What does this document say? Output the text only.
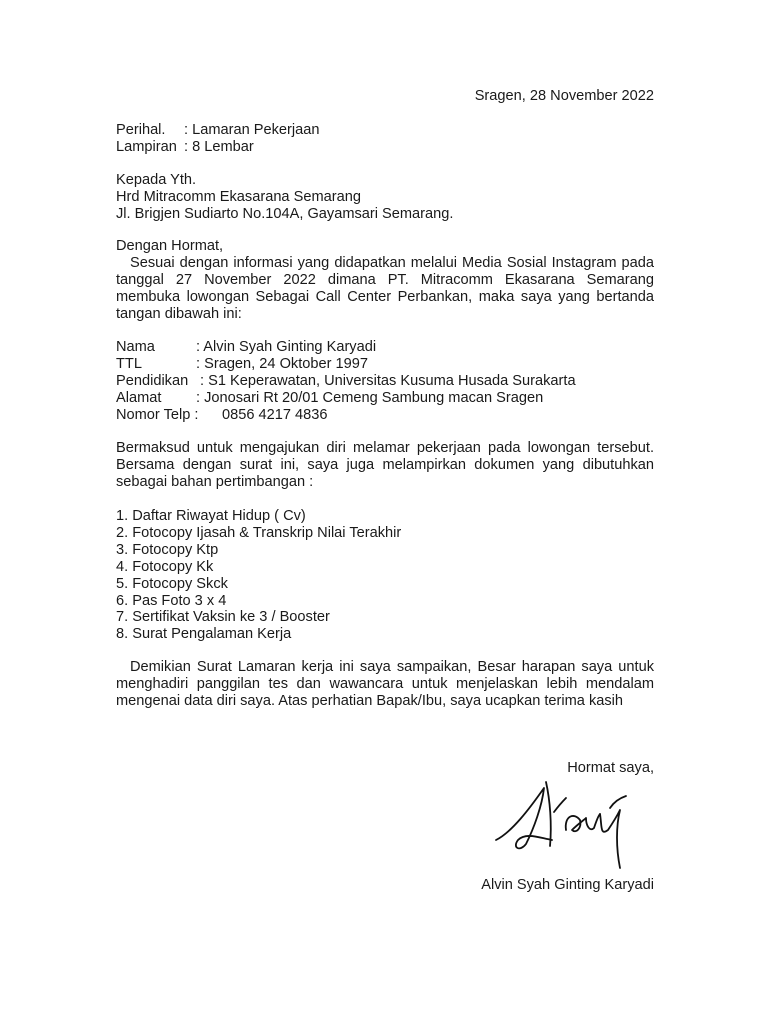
Sragen, 28 November 2022
Perihal.	: Lamaran Pekerjaan
Lampiran : 8 Lembar
Kepada Yth.
Hrd Mitracomm Ekasarana Semarang
Jl. Brigjen Sudiarto No.104A, Gayamsari Semarang.

Dengan Hormat,

Sesuai dengan informasi yang didapatkan melalui Media Sosial Instagram pada tanggal 27 November 2022 dimana PT. Mitracomm Ekasarana Semarang membuka lowongan Sebagai Call Center Perbankan, maka saya yang bertanda tangan dibawah ini:

Nama	: Alvin Syah Ginting Karyadi
TTL	: Sragen, 24 Oktober 1997
Pendidikan : S1 Keperawatan, Universitas Kusuma Husada Surakarta
Alamat	: Jonosari Rt 20/01 Cemeng Sambung macan Sragen
Nomor Telp :	0856 4217 4836

Bermaksud untuk mengajukan diri melamar pekerjaan pada lowongan tersebut. Bersama dengan surat ini, saya juga melampirkan dokumen yang dibutuhkan sebagai bahan pertimbangan :

1. Daftar Riwayat Hidup ( Cv)
2. Fotocopy Ijasah & Transkrip Nilai Terakhir
3. Fotocopy Ktp
4. Fotocopy Kk
5. Fotocopy Skck
6. Pas Foto 3 x 4
7. Sertifikat Vaksin ke 3 / Booster
8. Surat Pengalaman Kerja

Demikian Surat Lamaran kerja ini saya sampaikan, Besar harapan saya untuk menghadiri panggilan tes dan wawancara untuk menjelaskan lebih mendalam mengenai data diri saya. Atas perhatian Bapak/Ibu, saya ucapkan terima kasih

Hormat saya,
Alvin Syah Ginting Karyadi
